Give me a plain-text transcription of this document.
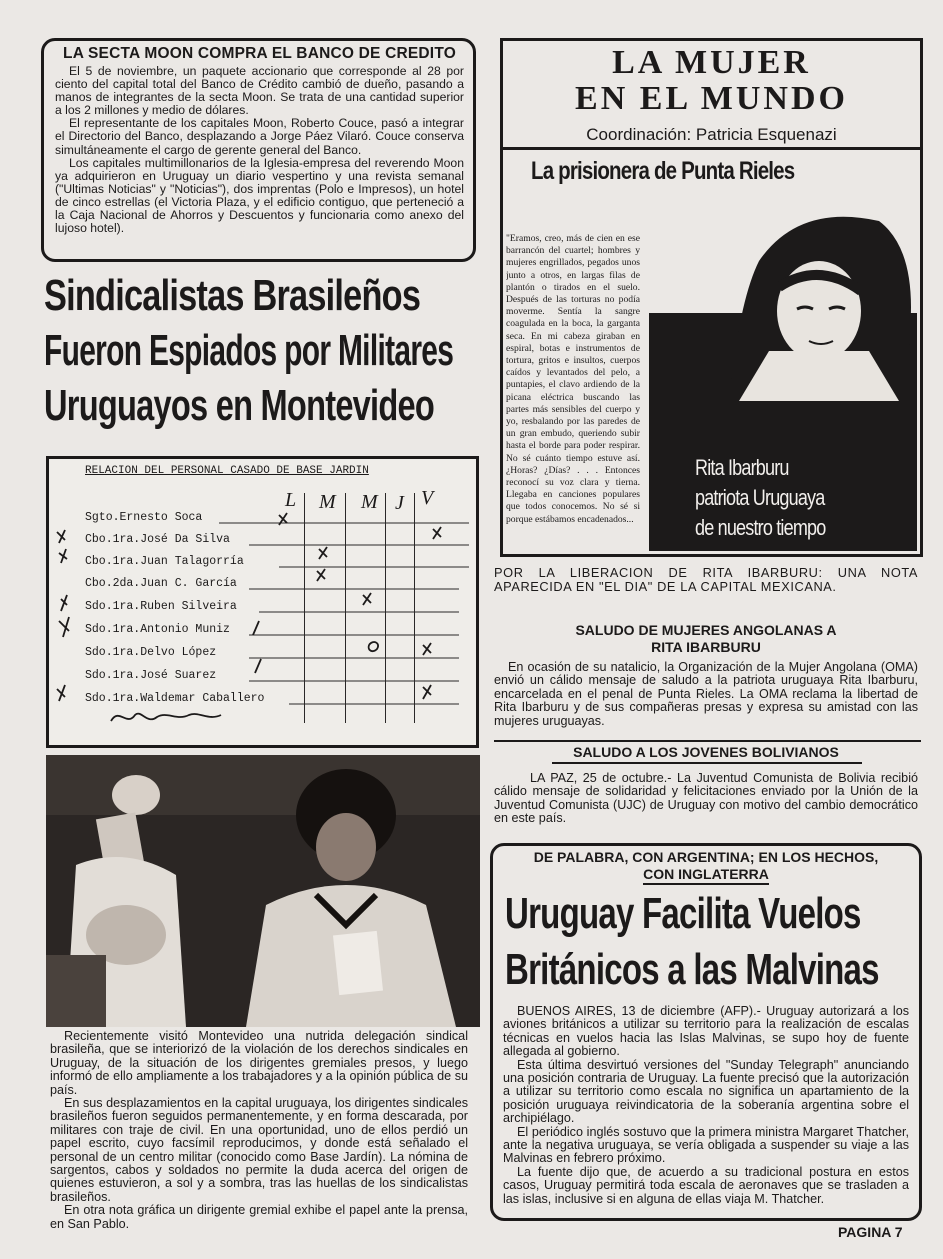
LA SECTA MOON COMPRA EL BANCO DE CREDITO

El 5 de noviembre, un paquete accionario que corresponde al 28 por ciento del capital total del Banco de Crédito cambió de dueño, pasando a manos de integrantes de la secta Moon. Se trata de una cantidad superior a los 2 millones y medio de dólares.

El representante de los capitales Moon, Roberto Couce, pasó a integrar el Directorio del Banco, desplazando a Jorge Páez Vilaró. Couce conserva simultáneamente el cargo de gerente general del Banco.

Los capitales multimillonarios de la Iglesia-empresa del reverendo Moon ya adquirieron en Uruguay un diario vespertino y una revista semanal ("Ultimas Noticias" y "Noticias"), dos imprentas (Polo e Impresos), un hotel de cinco estrellas (el Victoria Plaza, y el edificio contiguo, que perteneció a la Caja Nacional de Ahorros y Descuentos y funcionaria como anexo del lujoso hotel).

Sindicalistas Brasileños
Fueron Espiados por Militares
Uruguayos en Montevideo
RELACION DEL PERSONAL CASADO DE BASE JARDIN
L M M J V
Sgto.Ernesto Soca
Cbo.1ra.José Da Silva
Cbo.1ra.Juan Talagorría
Cbo.2da.Juan C. García
Sdo.1ra.Ruben Silveira
Sdo.1ra.Antonio Muniz
Sdo.1ra.Delvo López
Sdo.1ra.José Suarez
Sdo.1ra.Waldemar Caballero

Recientemente visitó Montevideo una nutrida delegación sindical brasileña, que se interiorizó de la violación de los derechos sindicales en Uruguay, de la situación de los dirigentes gremiales presos, y luego informó de ello ampliamente a los trabajadores y a la opinión pública de su país.

En sus desplazamientos en la capital uruguaya, los dirigentes sindicales brasileños fueron seguidos permanentemente, y en forma descarada, por militares con traje de civil. En una oportunidad, uno de ellos perdió un papel escrito, cuyo facsímil reproducimos, y donde está señalado el personal de un centro militar (conocido como Base Jardín). La nómina de sargentos, cabos y soldados no permite la duda acerca del origen de quienes estuvieron, a sol y a sombra, tras las huellas de los sindicalistas brasileños.

En otra nota gráfica un dirigente gremial exhibe el papel ante la prensa, en San Pablo.

LA MUJER
EN EL MUNDO
Coordinación: Patricia Esquenazi
La prisionera de Punta Rieles
"Eramos, creo, más de cien en ese barrancón del cuartel; hombres y mujeres engrillados, pegados unos junto a otros, en largas filas de plantón o tirados en el suelo. Después de las torturas no podía moverme. Sentía la sangre coagulada en la boca, la garganta seca. En mi cabeza giraban en espiral, botas e instrumentos de tortura, gritos e insultos, cuerpos caídos y levantados del pelo, a puntapies, el clavo ardiendo de la picana eléctrica buscando las partes más sensibles del cuerpo y yo, resbalando por las paredes de un gran embudo, queriendo subir hasta el borde para poder respirar. No sé cuánto tiempo estuve así. ¿Horas? ¿Días? . . . Entonces reconocí su voz clara y tierna. Llegaba en canciones populares que todos conocemos. No sé si porque estábamos encadenados...
Rita Ibarburu
patriota Uruguaya
de nuestro tiempo
POR LA LIBERACION DE RITA IBARBURU: UNA NOTA APARECIDA EN "EL DIA" DE LA CAPITAL MEXICANA.
SALUDO DE MUJERES ANGOLANAS A
RITA IBARBURU

En ocasión de su natalicio, la Organización de la Mujer Angolana (OMA) envió un cálido mensaje de saludo a la patriota uruguaya Rita Ibarburu, encarcelada en el penal de Punta Rieles. La OMA reclama la libertad de Rita Ibarburu y de sus compañeras presas y expresa su amistad con las mujeres uruguayas.

SALUDO A LOS JOVENES BOLIVIANOS

LA PAZ, 25 de octubre.- La Juventud Comunista de Bolivia recibió cálido mensaje de solidaridad y felicitaciones enviado por la Unión de la Juventud Comunista (UJC) de Uruguay con motivo del cambio democrático en este país.

DE PALABRA, CON ARGENTINA; EN LOS HECHOS,
CON INGLATERRA
Uruguay Facilita Vuelos
Británicos a las Malvinas

BUENOS AIRES, 13 de diciembre (AFP).- Uruguay autorizará a los aviones británicos a utilizar su territorio para la realización de escalas técnicas en vuelos hacia las Islas Malvinas, se supo hoy de fuente allegada al gobierno.

Esta última desvirtuó versiones del "Sunday Telegraph" anunciando una posición contraria de Uruguay. La fuente precisó que la autorización a utilizar su territorio como escala no significa un apartamiento de la posición uruguaya reivindicatoria de la soberanía argentina sobre el archipiélago.

El periódico inglés sostuvo que la primera ministra Margaret Thatcher, ante la negativa uruguaya, se vería obligada a suspender su viaje a las Malvinas en febrero próximo.

La fuente dijo que, de acuerdo a su tradicional postura en estos casos, Uruguay permitirá toda escala de aeronaves que se trasladen a las islas, inclusive si en alguna de ellas viaja M. Thatcher.

PAGINA 7
